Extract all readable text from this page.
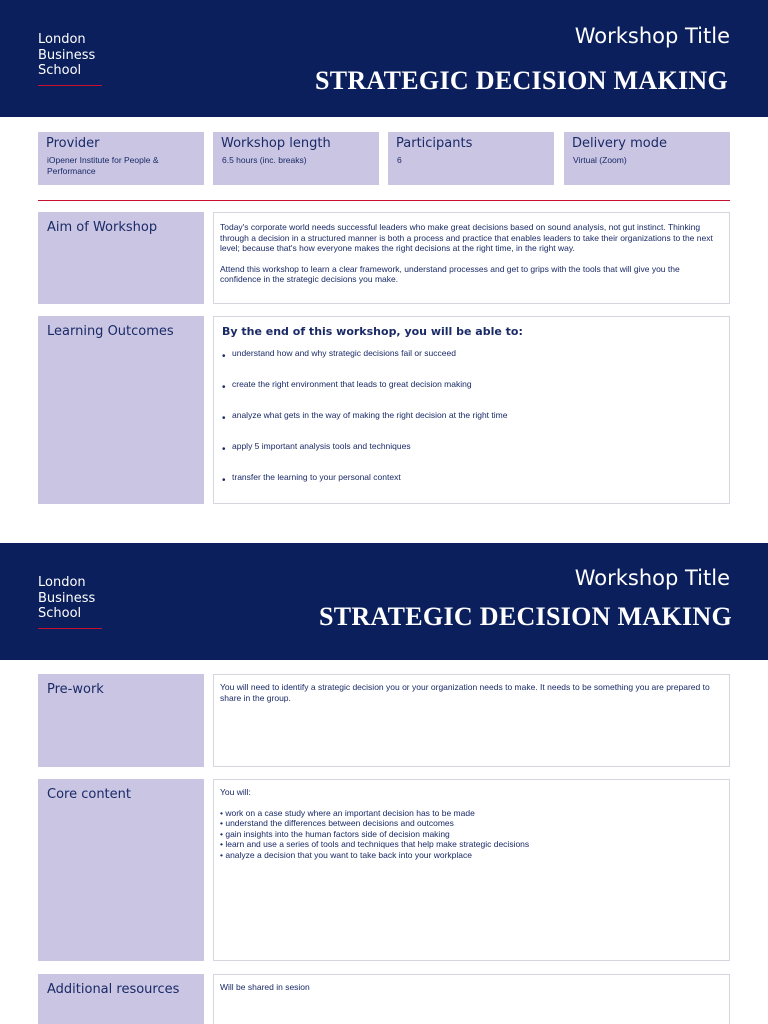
London
Business
School
Workshop Title
STRATEGIC DECISION MAKING
Provider
iOpener Institute for People & Performance
Workshop length
6.5 hours (inc. breaks)
Participants
6
Delivery mode
Virtual (Zoom)
Aim of Workshop	Today's corporate world needs successful leaders who make great decisions based on sound analysis, not gut instinct. Thinking through a decision in a structured manner is both a process and practice that enables leaders to take their organizations to the next level; because that's how everyone makes the right decisions at the right time, in the right way.

Attend this workshop to learn a clear framework, understand processes and get to grips with the tools that will give you the confidence in the strategic decisions you make.

Learning Outcomes	By the end of this workshop, you will be able to:
• understand how and why strategic decisions fail or succeed
• create the right environment that leads to great decision making
• analyze what gets in the way of making the right decision at the right time
• apply 5 important analysis tools and techniques
• transfer the learning to your personal context
London
Business
School
Workshop Title
STRATEGIC DECISION MAKING
Pre-work	You will need to identify a strategic decision you or your organization needs to make. It needs to be something you are prepared to share in the group.
Core content	You will:

• work on a case study where an important decision has to be made
• understand the differences between decisions and outcomes
• gain insights into the human factors side of decision making
• learn and use a series of tools and techniques that help make strategic decisions
• analyze a decision that you want to take back into your workplace
Additional resources	Will be shared in sesion
